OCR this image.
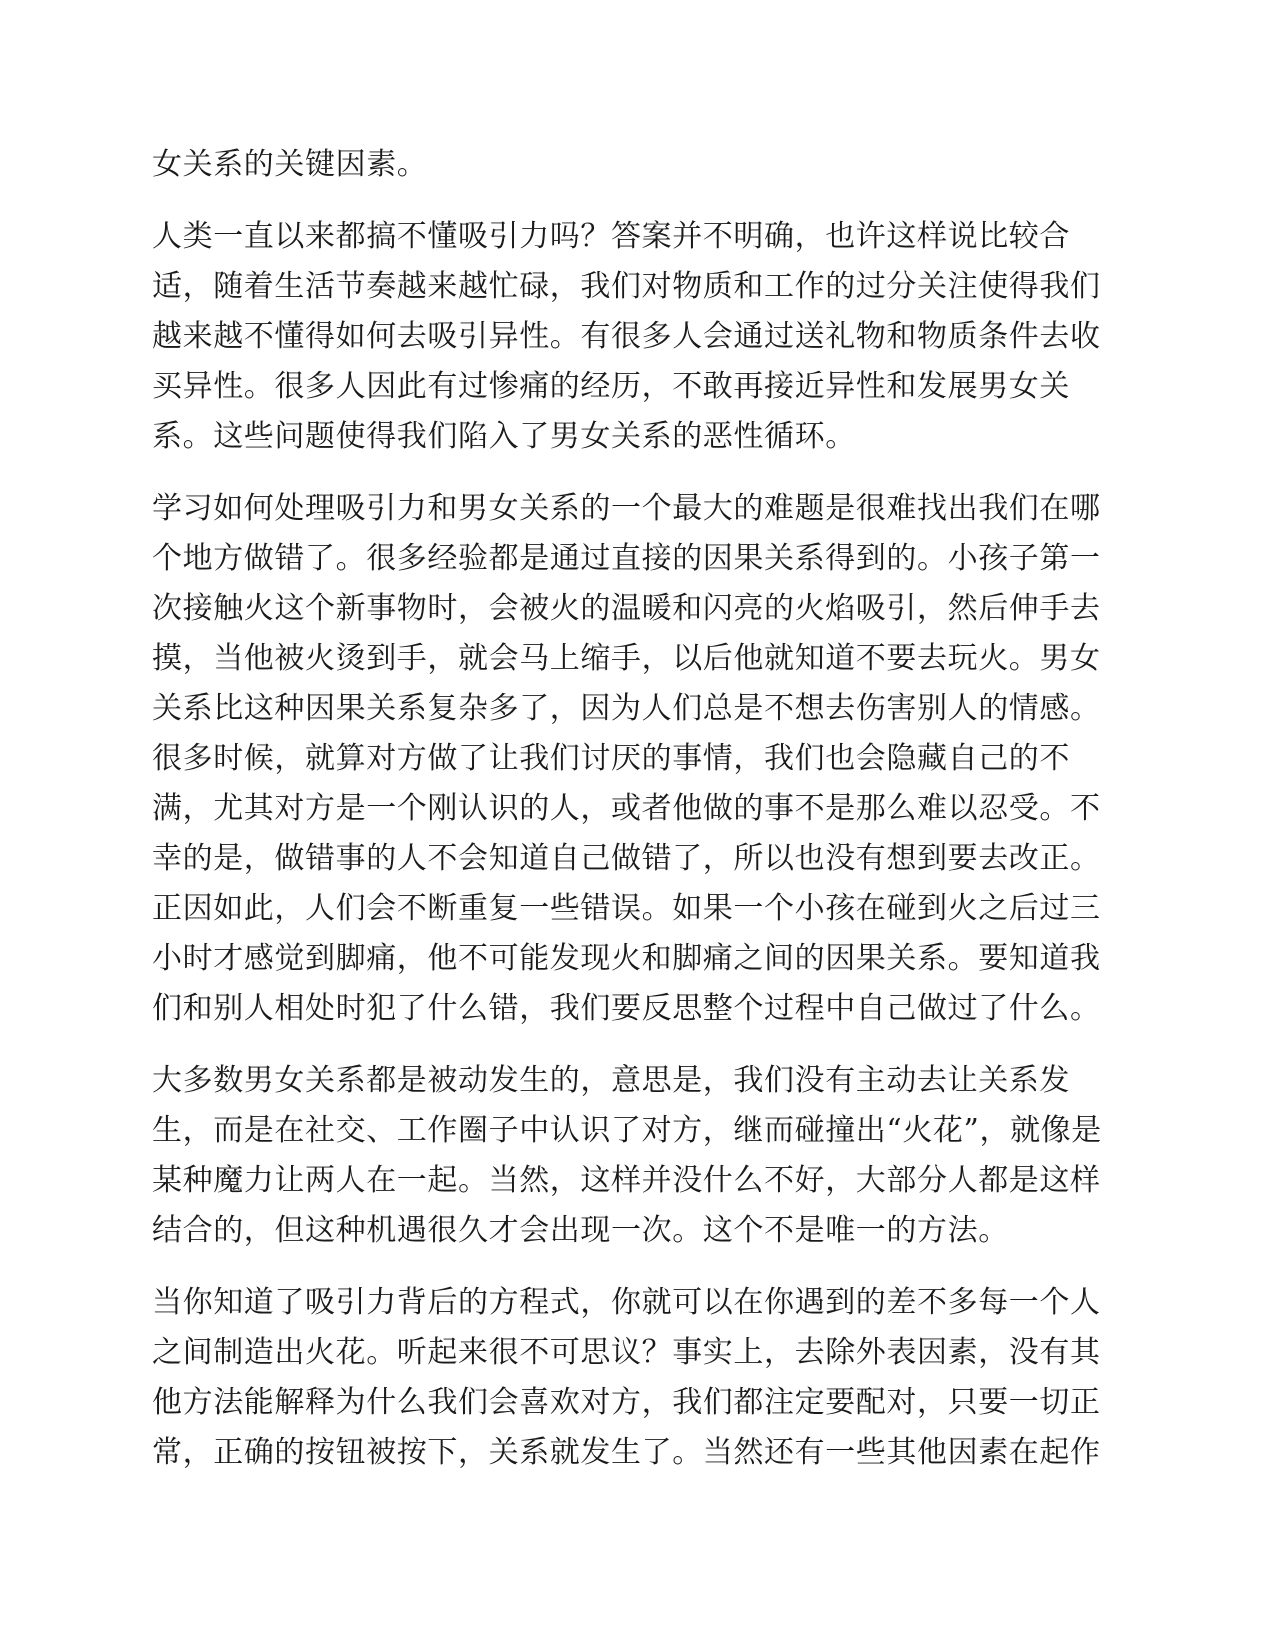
女关系的关键因素。

人类一直以来都搞不懂吸引力吗？答案并不明确，也许这样说比较合
适，随着生活节奏越来越忙碌，我们对物质和工作的过分关注使得我们
越来越不懂得如何去吸引异性。有很多人会通过送礼物和物质条件去收
买异性。很多人因此有过惨痛的经历，不敢再接近异性和发展男女关
系。这些问题使得我们陷入了男女关系的恶性循环。

学习如何处理吸引力和男女关系的一个最大的难题是很难找出我们在哪
个地方做错了。很多经验都是通过直接的因果关系得到的。小孩子第一
次接触火这个新事物时，会被火的温暖和闪亮的火焰吸引，然后伸手去
摸，当他被火烫到手，就会马上缩手，以后他就知道不要去玩火。男女
关系比这种因果关系复杂多了，因为人们总是不想去伤害别人的情感。
很多时候，就算对方做了让我们讨厌的事情，我们也会隐藏自己的不
满，尤其对方是一个刚认识的人，或者他做的事不是那么难以忍受。不
幸的是，做错事的人不会知道自己做错了，所以也没有想到要去改正。
正因如此，人们会不断重复一些错误。如果一个小孩在碰到火之后过三
小时才感觉到脚痛，他不可能发现火和脚痛之间的因果关系。要知道我
们和别人相处时犯了什么错，我们要反思整个过程中自己做过了什么。

大多数男女关系都是被动发生的，意思是，我们没有主动去让关系发
生，而是在社交、工作圈子中认识了对方，继而碰撞出“火花”，就像是
某种魔力让两人在一起。当然，这样并没什么不好，大部分人都是这样
结合的，但这种机遇很久才会出现一次。这个不是唯一的方法。

当你知道了吸引力背后的方程式，你就可以在你遇到的差不多每一个人
之间制造出火花。听起来很不可思议？事实上，去除外表因素，没有其
他方法能解释为什么我们会喜欢对方，我们都注定要配对，只要一切正
常，正确的按钮被按下，关系就发生了。当然还有一些其他因素在起作
